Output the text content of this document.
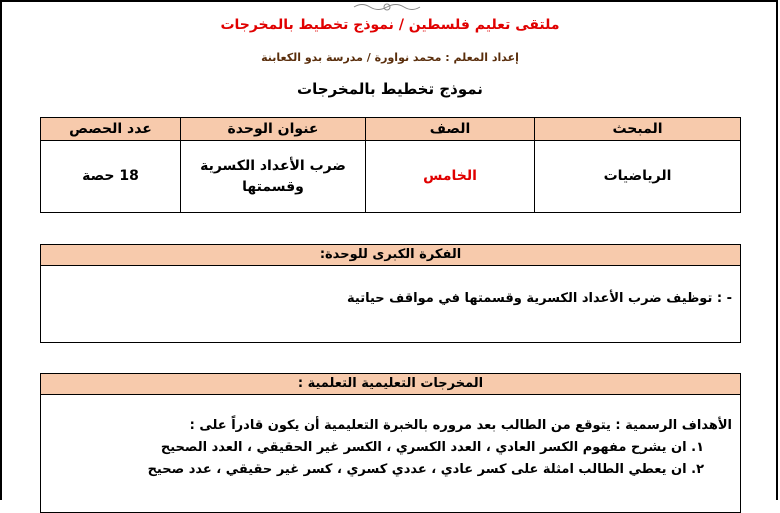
ملتقى تعليم فلسطين / نموذج تخطيط بالمخرجات
إعداد المعلم : محمد نواورة / مدرسة بدو الكعابنة
نموذج تخطيط بالمخرجات
المبحث	الصف	عنوان الوحدة	عدد الحصص
الرياضيات	الخامس	ضرب الأعداد الكسرية وقسمتها	18 حصة
الفكرة الكبرى للوحدة:
- : توظيف ضرب الأعداد الكسرية وقسمتها في مواقف حياتية
المخرجات التعليمية التعلمية :
الأهداف الرسمية : يتوقع من الطالب بعد مروره بالخبرة التعليمية أن يكون قادراً على :
١. ان يشرح مفهوم الكسر العادي ، العدد الكسري ، الكسر غير الحقيقي ، العدد الصحيح
٢. ان يعطي الطالب امثلة على كسر عادي ، عددي كسري ، كسر غير حقيقي ، عدد صحيح
